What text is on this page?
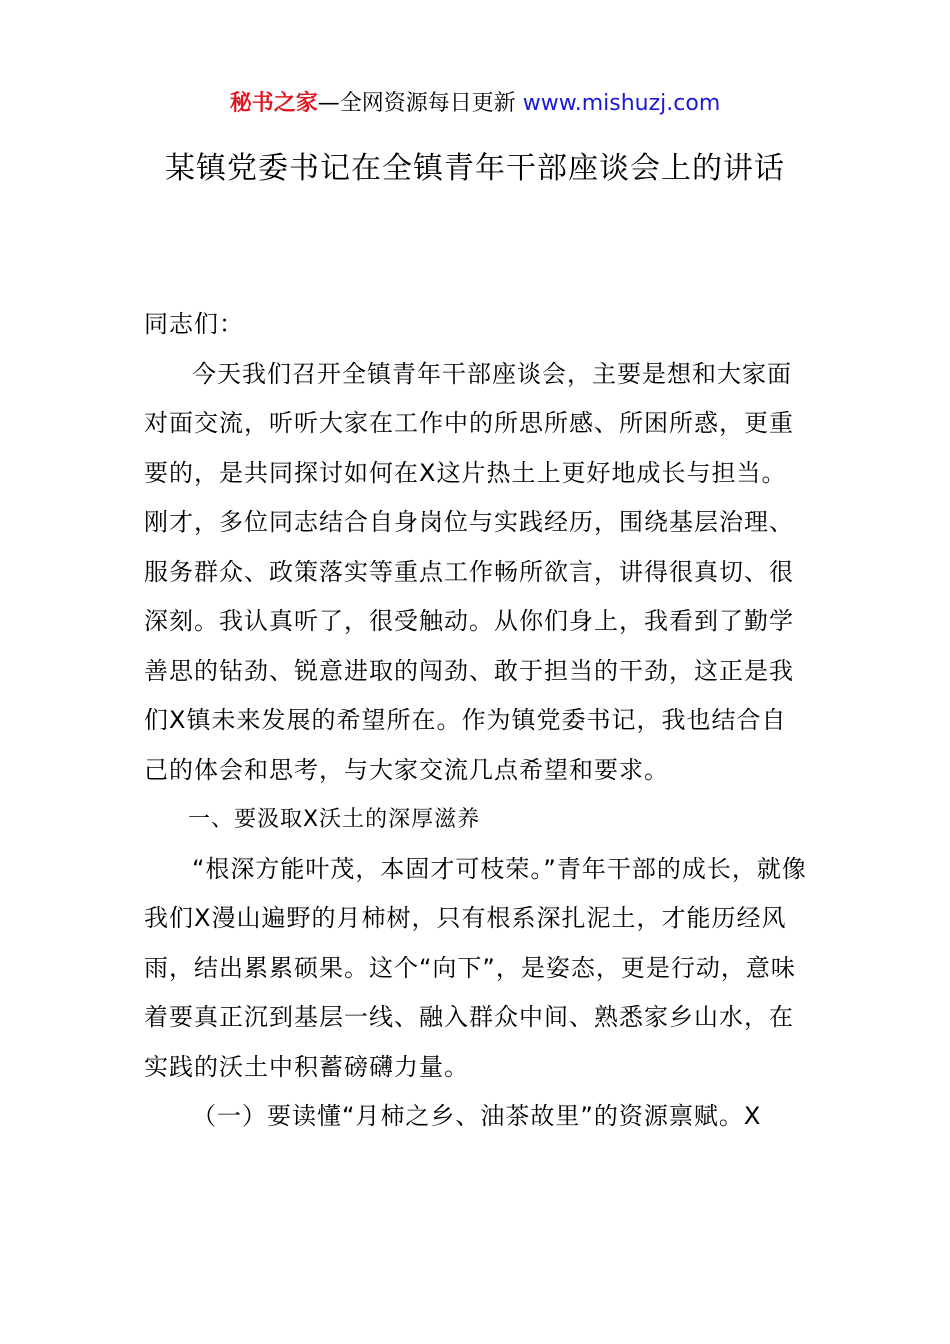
秘书之家—全网资源每日更新 www.mishuzj.com
某镇党委书记在全镇青年干部座谈会上的讲话

同志们：

今天我们召开全镇青年干部座谈会，主要是想和大家面对面交流，听听大家在工作中的所思所感、所困所惑，更重要的，是共同探讨如何在X这片热土上更好地成长与担当。刚才，多位同志结合自身岗位与实践经历，围绕基层治理、服务群众、政策落实等重点工作畅所欲言，讲得很真切、很深刻。我认真听了，很受触动。从你们身上，我看到了勤学善思的钻劲、锐意进取的闯劲、敢于担当的干劲，这正是我们X镇未来发展的希望所在。作为镇党委书记，我也结合自己的体会和思考，与大家交流几点希望和要求。

一、要汲取X沃土的深厚滋养

“根深方能叶茂，本固才可枝荣。”青年干部的成长，就像我们X漫山遍野的月柿树，只有根系深扎泥土，才能历经风雨，结出累累硕果。这个“向下”，是姿态，更是行动，意味着要真正沉到基层一线、融入群众中间、熟悉家乡山水，在实践的沃土中积蓄磅礴力量。

（一）要读懂“月柿之乡、油茶故里”的资源禀赋。X
